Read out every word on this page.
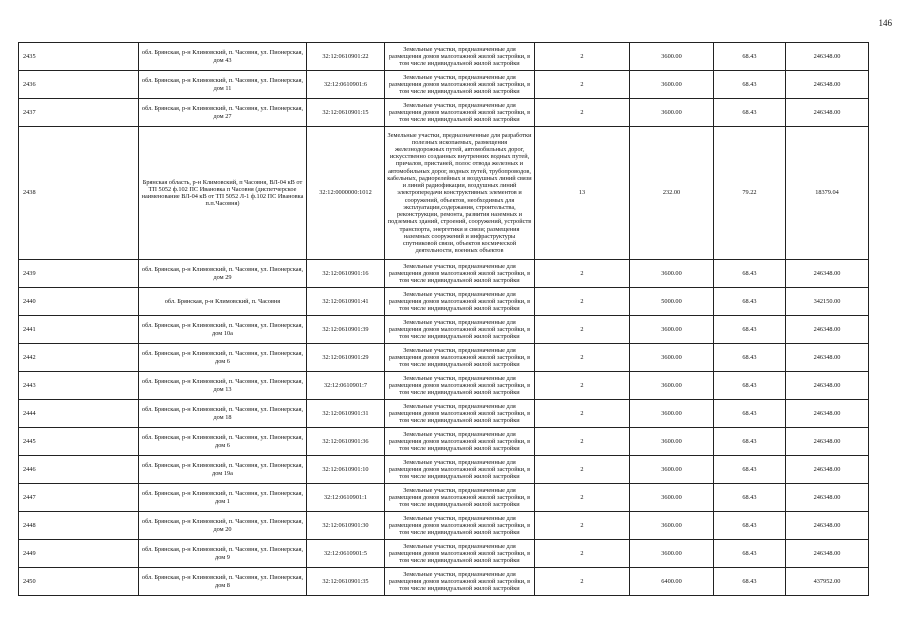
146
2435	обл. Брянская, р-н Климовский, п. Часовня, ул. Пионерская, дом 43	32:12:0610901:22	Земельные участки, предназначенные для размещения домов малоэтажной жилой застройки, в том числе индивидуальной жилой застройки	2	3600.00	68.43	246348.00
2436	обл. Брянская, р-н Климовский, п. Часовня, ул. Пионерская, дом 11	32:12:0610901:6	Земельные участки, предназначенные для размещения домов малоэтажной жилой застройки, в том числе индивидуальной жилой застройки	2	3600.00	68.43	246348.00
2437	обл. Брянская, р-н Климовский, п. Часовня, ул. Пионерская, дом 27	32:12:0610901:15	Земельные участки, предназначенные для размещения домов малоэтажной жилой застройки, в том числе индивидуальной жилой застройки	2	3600.00	68.43	246348.00
2438	Брянская область, р-н Климовский, п Часовня, ВЛ-04 кВ от ТП 5052 ф.102 ПС Ивановка п Часовня (диспетчерское наименование ВЛ-04 кВ от ТП 5052 Л-1 ф.102 ПС Ивановка п.п.Часовня)	32:12:0000000:1012	Земельные участки, предназначенные для разработки полезных ископаемых, размещения железнодорожных путей, автомобильных дорог, искусственно созданных внутренних водных путей, причалов, пристаней, полос отвода железных и автомобильных дорог, водных путей, трубопроводов, кабельных, радиорелейных и воздушных линий связи и линий радиофикации, воздушных линий электропередачи конструктивных элементов и сооружений, объектов, необходимых для эксплуатации,содержания, строительства, реконструкции, ремонта, развития наземных и подземных зданий, строений, сооружений, устройств транспорта, энергетики и связи; размещения наземных сооружений и инфраструктуры спутниковой связи, объектов космической деятельности, военных объектов	13	232.00	79.22	18379.04
2439	обл. Брянская, р-н Климовский, п. Часовня, ул. Пионерская, дом 29	32:12:0610901:16	Земельные участки, предназначенные для размещения домов малоэтажной жилой застройки, в том числе индивидуальной жилой застройки	2	3600.00	68.43	246348.00
2440	обл. Брянская, р-н Климовский, п. Часовня	32:12:0610901:41	Земельные участки, предназначенные для размещения домов малоэтажной жилой застройки, в том числе индивидуальной жилой застройки	2	5000.00	68.43	342150.00
2441	обл. Брянская, р-н Климовский, п. Часовня, ул. Пионерская, дом 10а	32:12:0610901:39	Земельные участки, предназначенные для размещения домов малоэтажной жилой застройки, в том числе индивидуальной жилой застройки	2	3600.00	68.43	246348.00
2442	обл. Брянская, р-н Климовский, п. Часовня, ул. Пионерская, дом 6	32:12:0610901:29	Земельные участки, предназначенные для размещения домов малоэтажной жилой застройки, в том числе индивидуальной жилой застройки	2	3600.00	68.43	246348.00
2443	обл. Брянская, р-н Климовский, п. Часовня, ул. Пионерская, дом 13	32:12:0610901:7	Земельные участки, предназначенные для размещения домов малоэтажной жилой застройки, в том числе индивидуальной жилой застройки	2	3600.00	68.43	246348.00
2444	обл. Брянская, р-н Климовский, п. Часовня, ул. Пионерская, дом 18	32:12:0610901:31	Земельные участки, предназначенные для размещения домов малоэтажной жилой застройки, в том числе индивидуальной жилой застройки	2	3600.00	68.43	246348.00
2445	обл. Брянская, р-н Климовский, п. Часовня, ул. Пионерская, дом 6	32:12:0610901:36	Земельные участки, предназначенные для размещения домов малоэтажной жилой застройки, в том числе индивидуальной жилой застройки	2	3600.00	68.43	246348.00
2446	обл. Брянская, р-н Климовский, п. Часовня, ул. Пионерская, дом 19а	32:12:0610901:10	Земельные участки, предназначенные для размещения домов малоэтажной жилой застройки, в том числе индивидуальной жилой застройки	2	3600.00	68.43	246348.00
2447	обл. Брянская, р-н Климовский, п. Часовня, ул. Пионерская, дом 1	32:12:0610901:1	Земельные участки, предназначенные для размещения домов малоэтажной жилой застройки, в том числе индивидуальной жилой застройки	2	3600.00	68.43	246348.00
2448	обл. Брянская, р-н Климовский, п. Часовня, ул. Пионерская, дом 20	32:12:0610901:30	Земельные участки, предназначенные для размещения домов малоэтажной жилой застройки, в том числе индивидуальной жилой застройки	2	3600.00	68.43	246348.00
2449	обл. Брянская, р-н Климовский, п. Часовня, ул. Пионерская, дом 9	32:12:0610901:5	Земельные участки, предназначенные для размещения домов малоэтажной жилой застройки, в том числе индивидуальной жилой застройки	2	3600.00	68.43	246348.00
2450	обл. Брянская, р-н Климовский, п. Часовня, ул. Пионерская, дом 8	32:12:0610901:35	Земельные участки, предназначенные для размещения домов малоэтажной жилой застройки, в том числе индивидуальной жилой застройки	2	6400.00	68.43	437952.00
